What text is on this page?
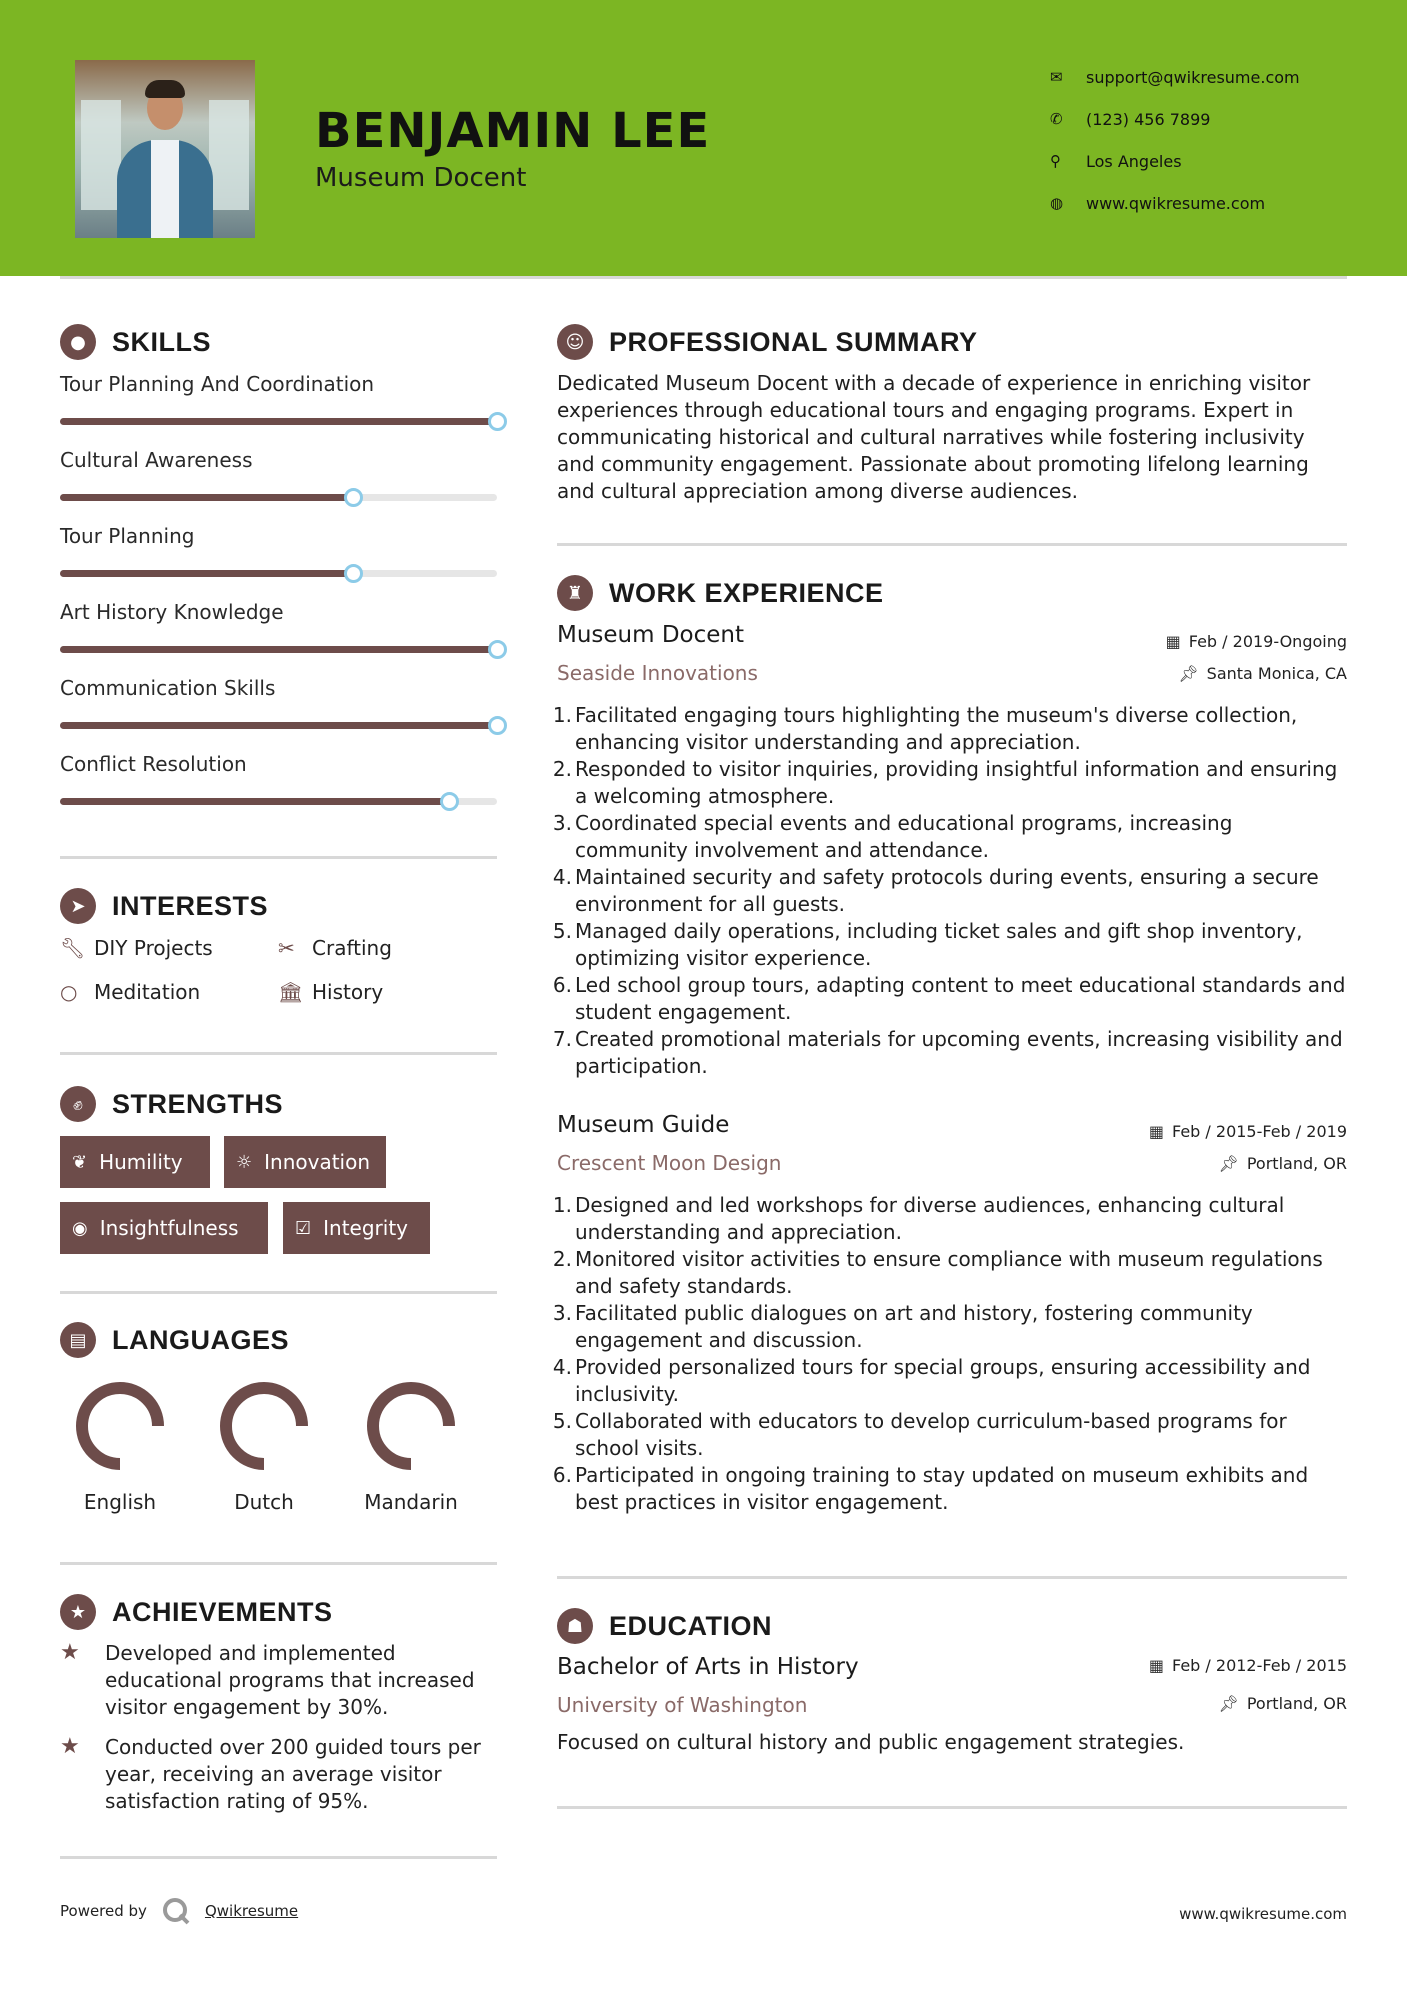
BENJAMIN LEE
Museum Docent
✉	support@qwikresume.com
✆	(123) 456 7899
⚲	Los Angeles
◍	www.qwikresume.com
● SKILLS
Tour Planning And Coordination
Cultural Awareness
Tour Planning
Art History Knowledge
Communication Skills
Conflict Resolution
➤ INTERESTS
🔧︎ DIY Projects	✂ Crafting
○ Meditation	🏛︎ History
✊︎	STRENGTHS
❦ Humility	☼ Innovation
◉ Insightfulness	☑ Integrity
▤ LANGUAGES
English	Dutch	Mandarin
★ ACHIEVEMENTS
★	Developed and implemented educational programs that increased visitor engagement by 30%.
★	Conducted over 200 guided tours per year, receiving an average visitor satisfaction rating of 95%.
☺ PROFESSIONAL SUMMARY
Dedicated Museum Docent with a decade of experience in enriching visitor experiences through educational tours and engaging programs. Expert in communicating historical and cultural narratives while fostering inclusivity and community engagement. Passionate about promoting lifelong learning and cultural appreciation among diverse audiences.
♜ WORK EXPERIENCE
Museum Docent	▦ Feb / 2019-Ongoing
Seaside Innovations	📌︎ Santa Monica, CA
1. Facilitated engaging tours highlighting the museum's diverse collection, enhancing visitor understanding and appreciation.
2. Responded to visitor inquiries, providing insightful information and ensuring a welcoming atmosphere.
3. Coordinated special events and educational programs, increasing community involvement and attendance.
4. Maintained security and safety protocols during events, ensuring a secure environment for all guests.
5. Managed daily operations, including ticket sales and gift shop inventory, optimizing visitor experience.
6. Led school group tours, adapting content to meet educational standards and student engagement.
7. Created promotional materials for upcoming events, increasing visibility and participation.
Museum Guide	▦ Feb / 2015-Feb / 2019
Crescent Moon Design	📌︎ Portland, OR
1. Designed and led workshops for diverse audiences, enhancing cultural understanding and appreciation.
2. Monitored visitor activities to ensure compliance with museum regulations and safety standards.
3. Facilitated public dialogues on art and history, fostering community engagement and discussion.
4. Provided personalized tours for special groups, ensuring accessibility and inclusivity.
5. Collaborated with educators to develop curriculum-based programs for school visits.
6. Participated in ongoing training to stay updated on museum exhibits and best practices in visitor engagement.
☗ EDUCATION
Bachelor of Arts in History	▦ Feb / 2012-Feb / 2015
University of Washington	📌︎ Portland, OR
Focused on cultural history and public engagement strategies.
Powered by	Qwikresume	www.qwikresume.com
